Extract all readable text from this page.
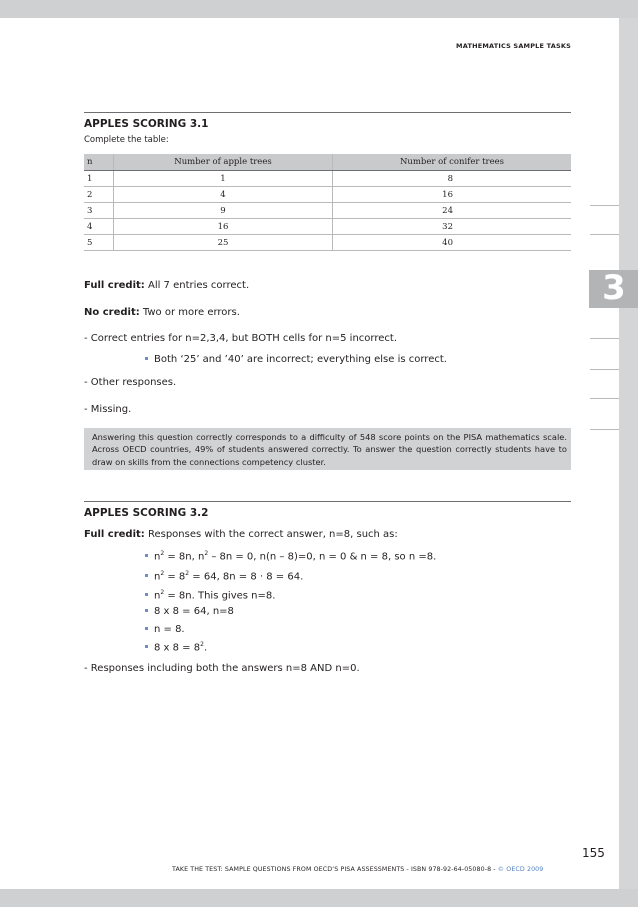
3
MATHEMATICS SAMPLE TASKS
APPLES SCORING 3.1
Complete the table:
n	Number of apple trees	Number of conifer trees
1	1	8
2	4	16
3	9	24
4	16	32
5	25	40
Full credit: All 7 entries correct.
No credit: Two or more errors.
- Correct entries for n=2,3,4, but BOTH cells for n=5 incorrect.
Both ‘25’ and ’40’ are incorrect; everything else is correct.
- Other responses.
- Missing.
Answering this question correctly corresponds to a difficulty of 548 score points on the PISA mathematics scale. Across OECD countries, 49% of students answered correctly. To answer the question correctly students have to draw on skills from the connections competency cluster.
APPLES SCORING 3.2
Full credit: Responses with the correct answer, n=8, such as:
$n^2 = 8n$, $n^2 - 8n = 0$, n(n – 8)=0, n = 0 & n = 8, so n =8.
$n^2 = 8^2 = 64$, 8n = 8 · 8 = 64.
$n^2 = 8n$. This gives n=8.
8 x 8 = 64, n=8
n = 8.
8 x $8 = 8^2$.
- Responses including both the answers n=8 AND n=0.
155
TAKE THE TEST: SAMPLE QUESTIONS FROM OECD’S PISA ASSESSMENTS - ISBN 978-92-64-05080-8 - © OECD 2009
